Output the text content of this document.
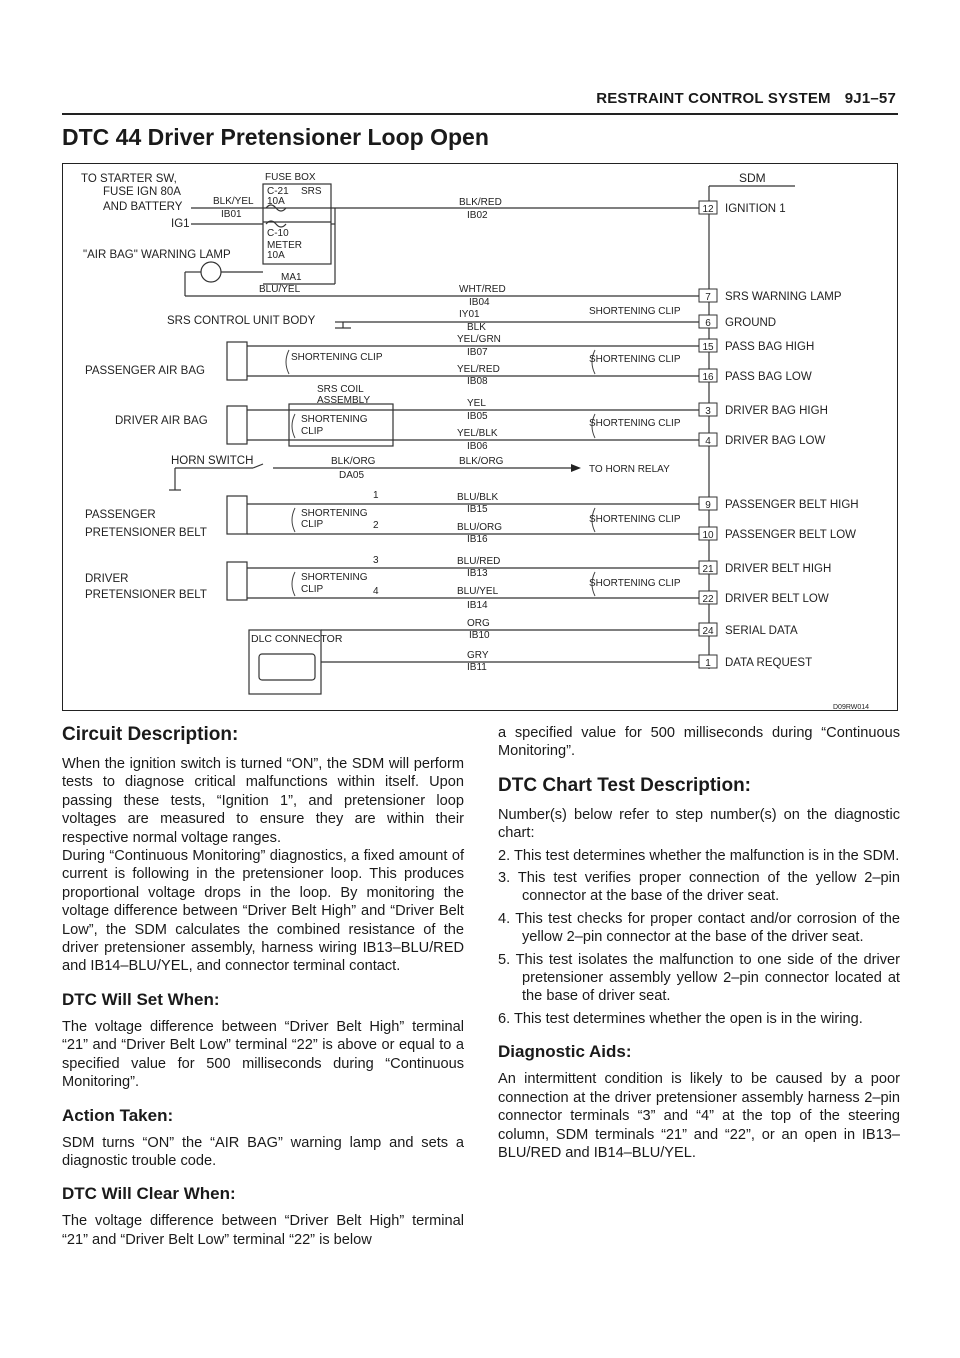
RESTRAINT CONTROL SYSTEM 9J1–57
DTC 44 Driver Pretensioner Loop Open
TO STARTER SW,
FUSE IGN 80A
AND BATTERY
IG1
"AIR BAG" WARNING LAMP
SRS CONTROL UNIT BODY
PASSENGER AIR BAG
DRIVER AIR BAG
HORN SWITCH
PASSENGER
PRETENSIONER BELT
DRIVER
PRETENSIONER BELT
DLC CONNECTOR
FUSE BOX
C-21 SRS
10A
C-10
METER
10A
BLK/YEL
IB01
MA1
BLU/YEL
BLK/RED
IB02
WHT/RED
IB04
IY01
BLK
YEL/GRN
IB07
YEL/RED
IB08
SRS COIL
ASSEMBLY	YEL
IB05
YEL/BLK
IB06
BLK/ORG
DA05
BLK/ORG
TO HORN RELAY
BLU/BLK
IB15
BLU/ORG
IB16
BLU/RED
IB13
BLU/YEL
IB14
ORG
IB10
GRY
IB11
SHORTENING CLIP
SHORTENING
CLIP
SHORTENING
CLIP
SHORTENING
CLIP
SHORTENING CLIP
SHORTENING CLIP
SHORTENING CLIP
SHORTENING CLIP
SHORTENING CLIP
1
2
3
4
SDM
D09RW014
12 IGNITION 1
7 SRS WARNING LAMP
6 GROUND
15 PASS BAG HIGH
16 PASS BAG LOW
3 DRIVER BAG HIGH
4 DRIVER BAG LOW
9 PASSENGER BELT HIGH
10 PASSENGER BELT LOW
21 DRIVER BELT HIGH
22 DRIVER BELT LOW
24 SERIAL DATA
1 DATA REQUEST
Circuit Description:

When the ignition switch is turned “ON”, the SDM will perform tests to diagnose critical malfunctions within itself. Upon passing these tests, “Ignition 1”, and pretensioner loop voltages are measured to ensure they are within their respective normal voltage ranges.

During “Continuous Monitoring” diagnostics, a fixed amount of current is following in the pretensioner loop. This produces proportional voltage drops in the loop. By monitoring the voltage difference between “Driver Belt High” and “Driver Belt Low”, the SDM calculates the combined resistance of the driver pretensioner assembly, harness wiring IB13–BLU/RED and IB14–BLU/YEL, and connector terminal contact.

DTC Will Set When:

The voltage difference between “Driver Belt High” terminal “21” and “Driver Belt Low” terminal “22” is above or equal to a specified value for 500 milliseconds during “Continuous Monitoring”.

Action Taken:

SDM turns “ON” the “AIR BAG” warning lamp and sets a diagnostic trouble code.

DTC Will Clear When:

The voltage difference between “Driver Belt High” terminal “21” and “Driver Belt Low” terminal “22” is below

a specified value for 500 milliseconds during “Continuous Monitoring”.

DTC Chart Test Description:

Number(s) below refer to step number(s) on the diagnostic chart:

2. This test determines whether the malfunction is in the SDM.

3. This test verifies proper connection of the yellow 2–pin connector at the base of the driver seat.

4. This test checks for proper contact and/or corrosion of the yellow 2–pin connector at the base of the driver seat.

5. This test isolates the malfunction to one side of the driver pretensioner assembly yellow 2–pin connector located at the base of driver seat.

6. This test determines whether the open is in the wiring.

Diagnostic Aids:

An intermittent condition is likely to be caused by a poor connection at the driver pretensioner assembly harness 2–pin connector terminals “3” and “4” at the top of the steering column, SDM terminals “21” and “22”, or an open in IB13–BLU/RED and IB14–BLU/YEL.
